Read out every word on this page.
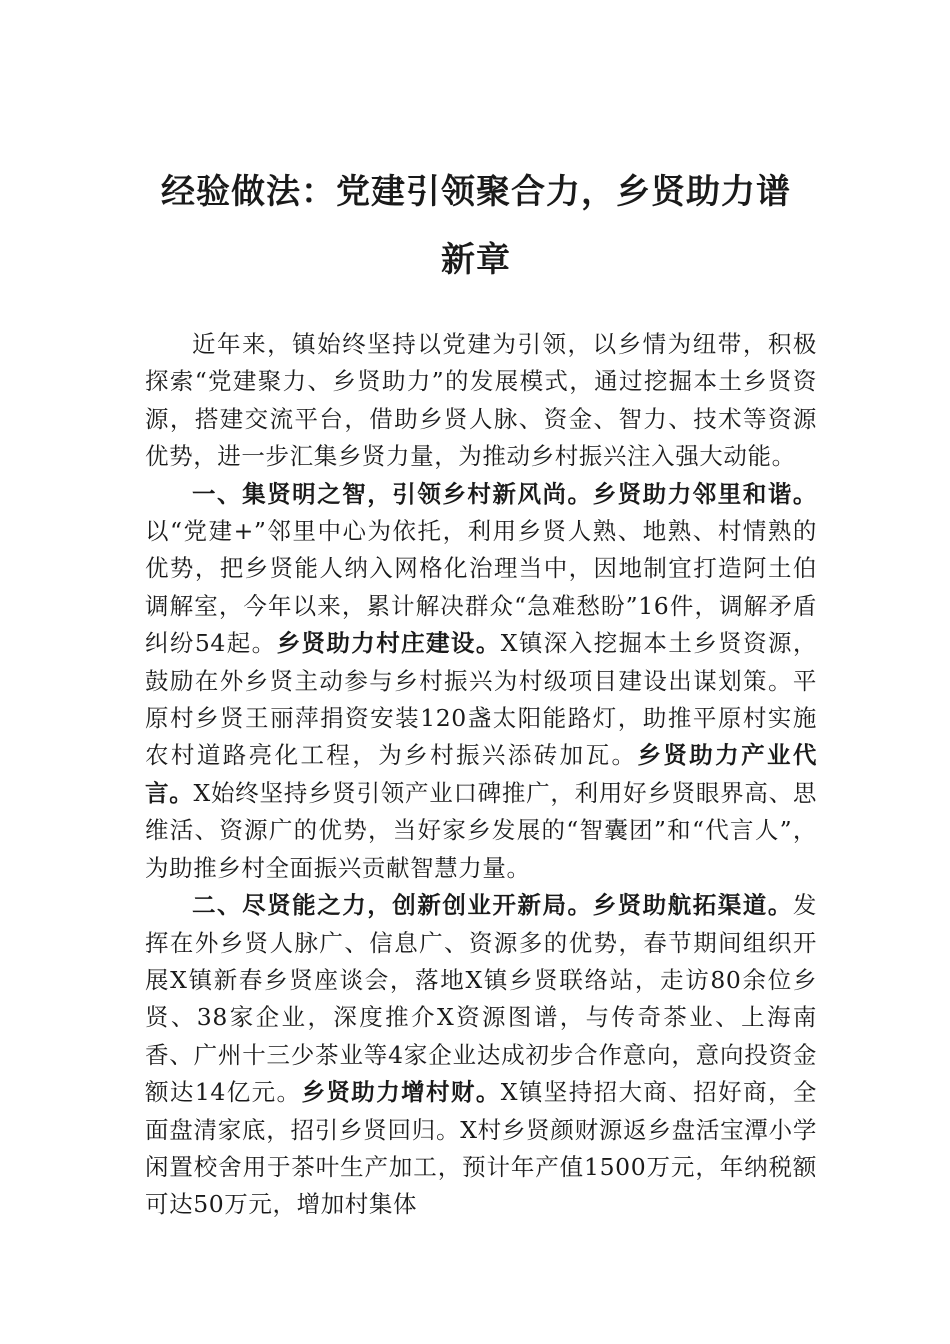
经验做法：党建引领聚合力，乡贤助力谱
新章

近年来，镇始终坚持以党建为引领，以乡情为纽带，积极探索“党建聚力、乡贤助力”的发展模式，通过挖掘本土乡贤资源，搭建交流平台，借助乡贤人脉、资金、智力、技术等资源优势，进一步汇集乡贤力量，为推动乡村振兴注入强大动能。

一、集贤明之智，引领乡村新风尚。乡贤助力邻里和谐。以“党建+”邻里中心为依托，利用乡贤人熟、地熟、村情熟的优势，把乡贤能人纳入网格化治理当中，因地制宜打造阿土伯调解室，今年以来，累计解决群众“急难愁盼”16件，调解矛盾纠纷54起。乡贤助力村庄建设。X镇深入挖掘本土乡贤资源，鼓励在外乡贤主动参与乡村振兴为村级项目建设出谋划策。平原村乡贤王丽萍捐资安装120盏太阳能路灯，助推平原村实施农村道路亮化工程，为乡村振兴添砖加瓦。乡贤助力产业代言。X始终坚持乡贤引领产业口碑推广，利用好乡贤眼界高、思维活、资源广的优势，当好家乡发展的“智囊团”和“代言人”，为助推乡村全面振兴贡献智慧力量。

二、尽贤能之力，创新创业开新局。乡贤助航拓渠道。发挥在外乡贤人脉广、信息广、资源多的优势，春节期间组织开展X镇新春乡贤座谈会，落地X镇乡贤联络站，走访80余位乡贤、38家企业，深度推介X资源图谱，与传奇茶业、上海南香、广州十三少茶业等4家企业达成初步合作意向，意向投资金额达14亿元。乡贤助力增村财。X镇坚持招大商、招好商，全面盘清家底，招引乡贤回归。X村乡贤颜财源返乡盘活宝潭小学闲置校舍用于茶叶生产加工，预计年产值1500万元，年纳税额可达50万元，增加村集体
